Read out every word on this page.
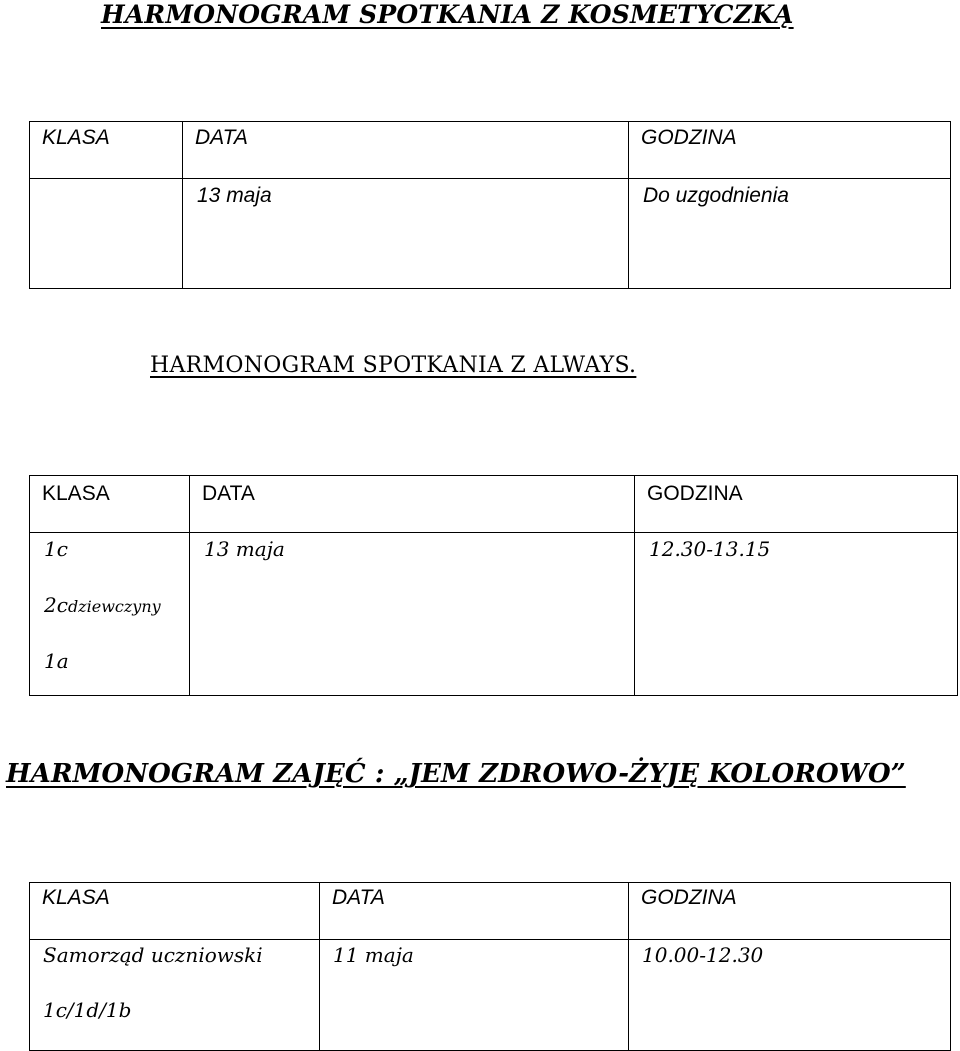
HARMONOGRAM SPOTKANIA Z KOSMETYCZKĄ
KLASA	DATA	GODZINA

	13 maja	Do uzgodnienia
HARMONOGRAM SPOTKANIA Z ALWAYS.
KLASA	DATA	GODZINA

1c
2cdziewczyny
1a	13 maja	12.30-13.15
HARMONOGRAM ZAJĘĆ : „JEM ZDROWO-ŻYJĘ KOLOROWO”
KLASA	DATA	GODZINA

Samorząd uczniowski
1c/1d/1b	11 maja	10.00-12.30
